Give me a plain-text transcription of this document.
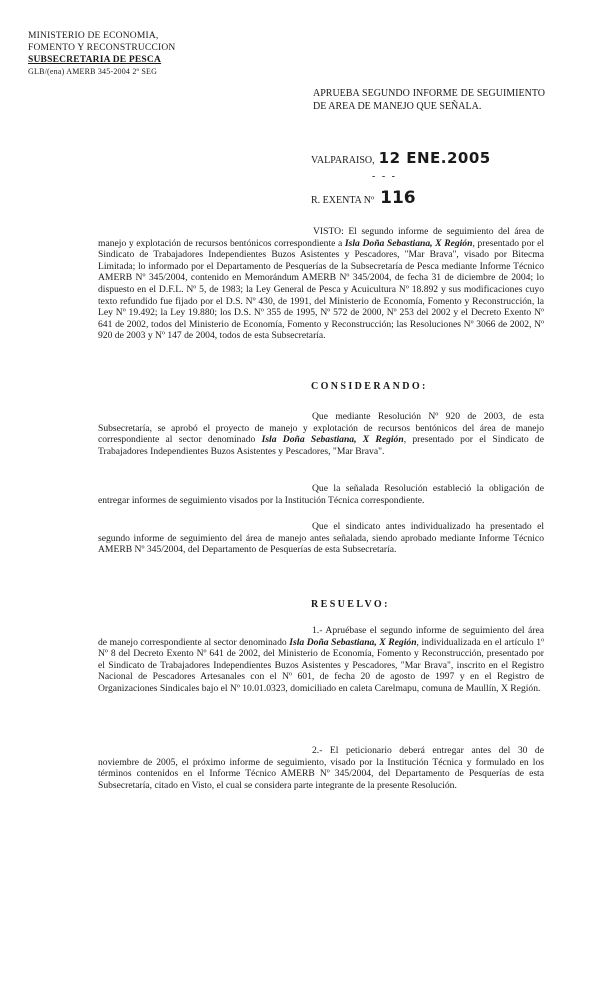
MINISTERIO DE ECONOMIA,
FOMENTO Y RECONSTRUCCION
SUBSECRETARIA DE PESCA
GLB/(ena) AMERB 345-2004 2º SEG
APRUEBA SEGUNDO INFORME DE SEGUIMIENTO DE AREA DE MANEJO QUE SEÑALA.
VALPARAISO, 12 ENE.2005
- - -
R. EXENTA Nº 116

VISTO: El segundo informe de seguimiento del área de manejo y explotación de recursos bentónicos correspondiente a Isla Doña Sebastiana, X Región, presentado por el Sindicato de Trabajadores Independientes Buzos Asistentes y Pescadores, "Mar Brava", visado por Bitecma Limitada; lo informado por el Departamento de Pesquerías de la Subsecretaría de Pesca mediante Informe Técnico AMERB Nº 345/2004, contenido en Memorándum AMERB Nº 345/2004, de fecha 31 de diciembre de 2004; lo dispuesto en el D.F.L. Nº 5, de 1983; la Ley General de Pesca y Acuicultura Nº 18.892 y sus modificaciones cuyo texto refundido fue fijado por el D.S. Nº 430, de 1991, del Ministerio de Economía, Fomento y Reconstrucción, la Ley Nº 19.492; la Ley 19.880; los D.S. Nº 355 de 1995, Nº 572 de 2000, Nº 253 del 2002 y el Decreto Exento Nº 641 de 2002, todos del Ministerio de Economía, Fomento y Reconstrucción; las Resoluciones Nº 3066 de 2002, Nº 920 de 2003 y Nº 147 de 2004, todos de esta Subsecretaría.

CONSIDERANDO:

Que mediante Resolución Nº 920 de 2003, de esta Subsecretaría, se aprobó el proyecto de manejo y explotación de recursos bentónicos del área de manejo correspondiente al sector denominado Isla Doña Sebastiana, X Región, presentado por el Sindicato de Trabajadores Independientes Buzos Asistentes y Pescadores, "Mar Brava".

Que la señalada Resolución estableció la obligación de entregar informes de seguimiento visados por la Institución Técnica correspondiente.

Que el sindicato antes individualizado ha presentado el segundo informe de seguimiento del área de manejo antes señalada, siendo aprobado mediante Informe Técnico AMERB Nº 345/2004, del Departamento de Pesquerías de esta Subsecretaría.

RESUELVO:

1.- Apruébase el segundo informe de seguimiento del área de manejo correspondiente al sector denominado Isla Doña Sebastiana, X Región, individualizada en el artículo 1º Nº 8 del Decreto Exento Nº 641 de 2002, del Ministerio de Economía, Fomento y Reconstrucción, presentado por el Sindicato de Trabajadores Independientes Buzos Asistentes y Pescadores, "Mar Brava", inscrito en el Registro Nacional de Pescadores Artesanales con el Nº 601, de fecha 20 de agosto de 1997 y en el Registro de Organizaciones Sindicales bajo el Nº 10.01.0323, domiciliado en caleta Carelmapu, comuna de Maullín, X Región.

2.- El peticionario deberá entregar antes del 30 de noviembre de 2005, el próximo informe de seguimiento, visado por la Institución Técnica y formulado en los términos contenidos en el Informe Técnico AMERB Nº 345/2004, del Departamento de Pesquerías de esta Subsecretaría, citado en Visto, el cual se considera parte integrante de la presente Resolución.
